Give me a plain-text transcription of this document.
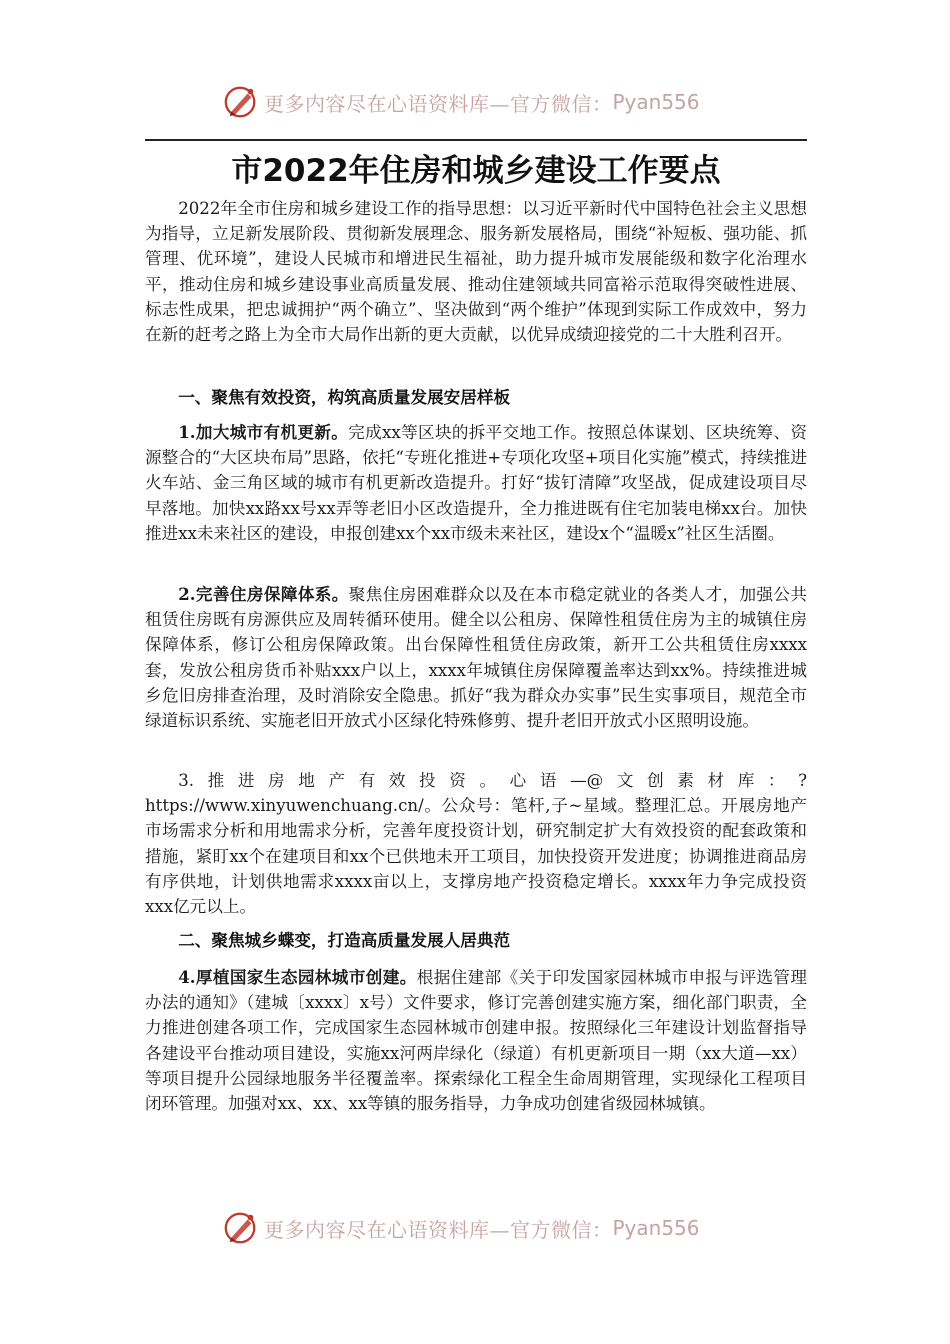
更多内容尽在心语资料库—官方微信： Pyan556
市2022年住房和城乡建设工作要点

2022年全市住房和城乡建设工作的指导思想：以习近平新时代中国特色社会主义思想为指导，立足新发展阶段、贯彻新发展理念、服务新发展格局，围绕“补短板、强功能、抓管理、优环境”，建设人民城市和增进民生福祉，助力提升城市发展能级和数字化治理水平，推动住房和城乡建设事业高质量发展、推动住建领域共同富裕示范取得突破性进展、标志性成果，把忠诚拥护“两个确立”、坚决做到“两个维护”体现到实际工作成效中，努力在新的赶考之路上为全市大局作出新的更大贡献，以优异成绩迎接党的二十大胜利召开。

一、聚焦有效投资，构筑高质量发展安居样板

1.加大城市有机更新。完成xx等区块的拆平交地工作。按照总体谋划、区块统筹、资源整合的“大区块布局”思路，依托“专班化推进+专项化攻坚+项目化实施”模式，持续推进火车站、金三角区域的城市有机更新改造提升。打好“拔钉清障”攻坚战，促成建设项目尽早落地。加快xx路xx号xx弄等老旧小区改造提升，全力推进既有住宅加装电梯xx台。加快推进xx未来社区的建设，申报创建xx个xx市级未来社区，建设x个“温暖x”社区生活圈。

2.完善住房保障体系。聚焦住房困难群众以及在本市稳定就业的各类人才，加强公共租赁住房既有房源供应及周转循环使用。健全以公租房、保障性租赁住房为主的城镇住房保障体系，修订公租房保障政策。出台保障性租赁住房政策，新开工公共租赁住房xxxx套，发放公租房货币补贴xxx户以上，xxxx年城镇住房保障覆盖率达到xx%。持续推进城乡危旧房排查治理，及时消除安全隐患。抓好“我为群众办实事”民生实事项目，规范全市绿道标识系统、实施老旧开放式小区绿化特殊修剪、提升老旧开放式小区照明设施。

3.推进房地产有效投资。心语—@文创素材库：?https://www.xinyuwenchuang.cn/。公众号：笔杆,子~星域。整理汇总。开展房地产市场需求分析和用地需求分析，完善年度投资计划，研究制定扩大有效投资的配套政策和措施，紧盯xx个在建项目和xx个已供地未开工项目，加快投资开发进度；协调推进商品房有序供地，计划供地需求xxxx亩以上，支撑房地产投资稳定增长。xxxx年力争完成投资xxx亿元以上。

二、聚焦城乡蝶变，打造高质量发展人居典范

4.厚植国家生态园林城市创建。根据住建部《关于印发国家园林城市申报与评选管理办法的通知》（建城〔xxxx〕x号）文件要求，修订完善创建实施方案，细化部门职责，全力推进创建各项工作，完成国家生态园林城市创建申报。按照绿化三年建设计划监督指导各建设平台推动项目建设，实施xx河两岸绿化（绿道）有机更新项目一期（xx大道—xx）等项目提升公园绿地服务半径覆盖率。探索绿化工程全生命周期管理，实现绿化工程项目闭环管理。加强对xx、xx、xx等镇的服务指导，力争成功创建省级园林城镇。

更多内容尽在心语资料库—官方微信： Pyan556
